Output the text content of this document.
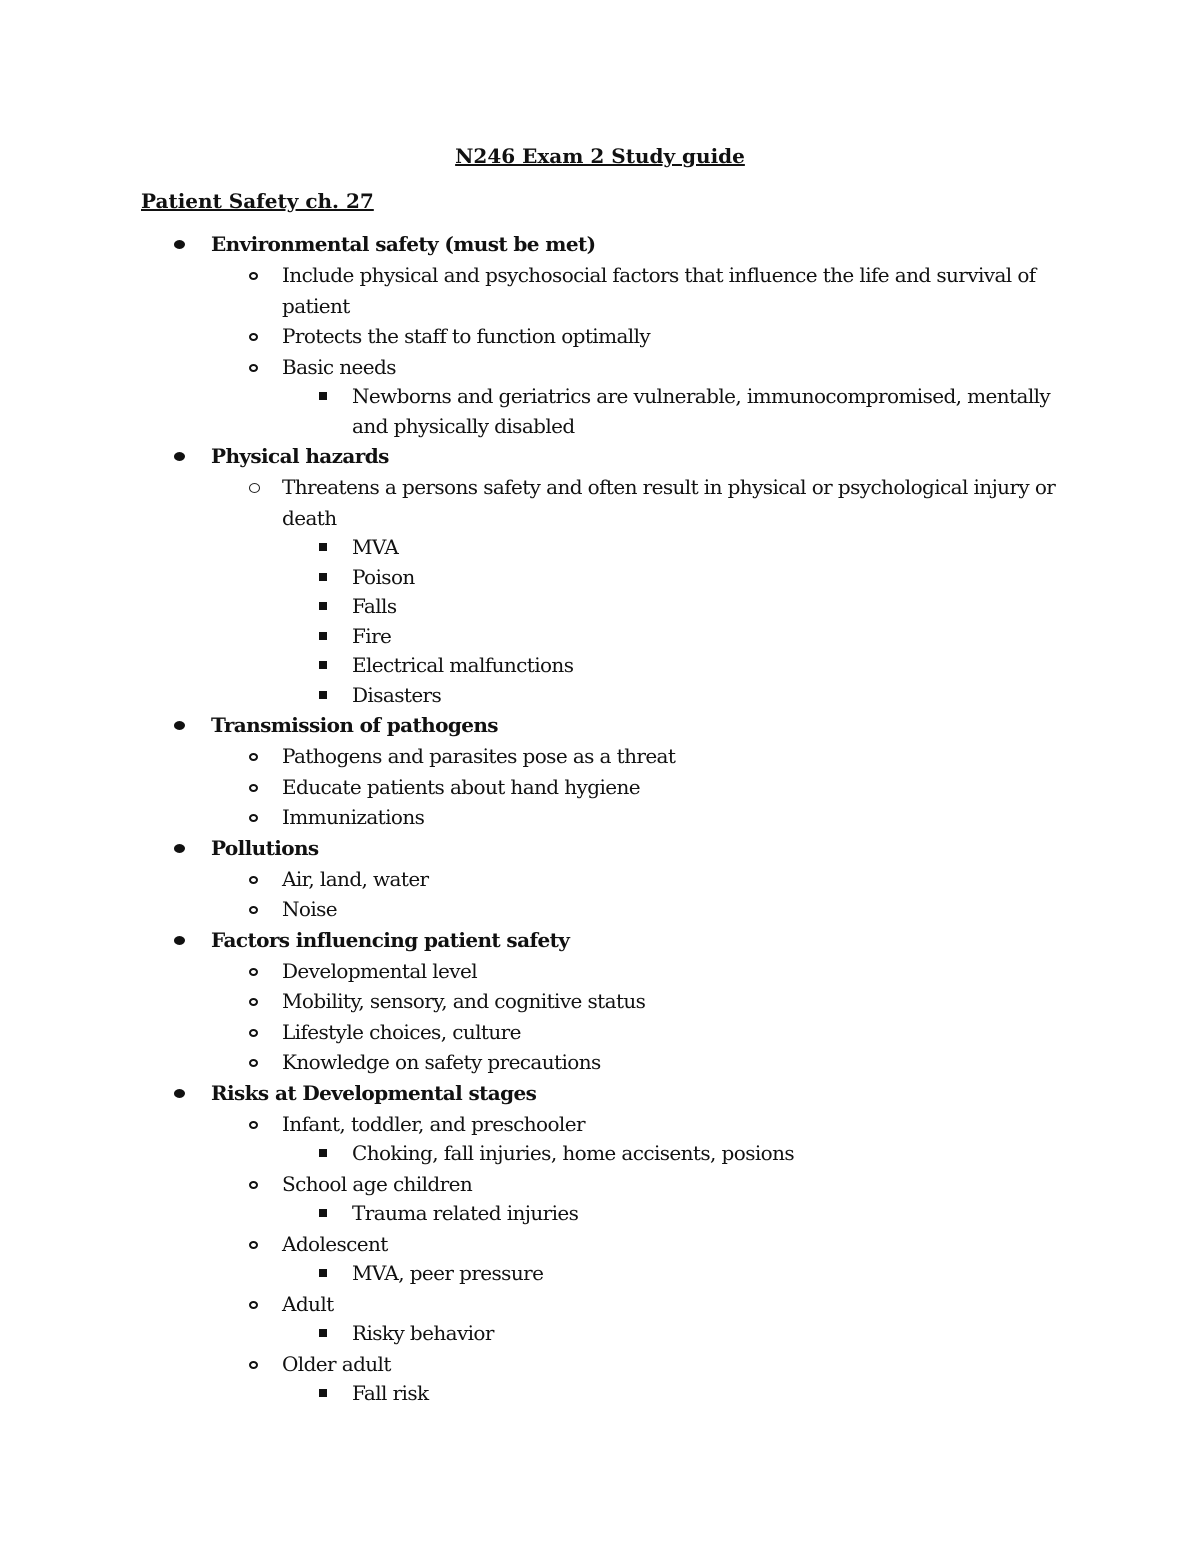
N246 Exam 2 Study guide
Patient Safety ch. 27
Environmental safety (must be met)
Include physical and psychosocial factors that influence the life and survival of patient
Protects the staff to function optimally
Basic needs
Newborns and geriatrics are vulnerable, immunocompromised, mentally and physically disabled
Physical hazards
Threatens a persons safety and often result in physical or psychological injury or death
MVA
Poison
Falls
Fire
Electrical malfunctions
Disasters
Transmission of pathogens
Pathogens and parasites pose as a threat
Educate patients about hand hygiene
Immunizations
Pollutions
Air, land, water
Noise
Factors influencing patient safety
Developmental level
Mobility, sensory, and cognitive status
Lifestyle choices, culture
Knowledge on safety precautions
Risks at Developmental stages
Infant, toddler, and preschooler
Choking, fall injuries, home accisents, posions
School age children
Trauma related injuries
Adolescent
MVA, peer pressure
Adult
Risky behavior
Older adult
Fall risk
